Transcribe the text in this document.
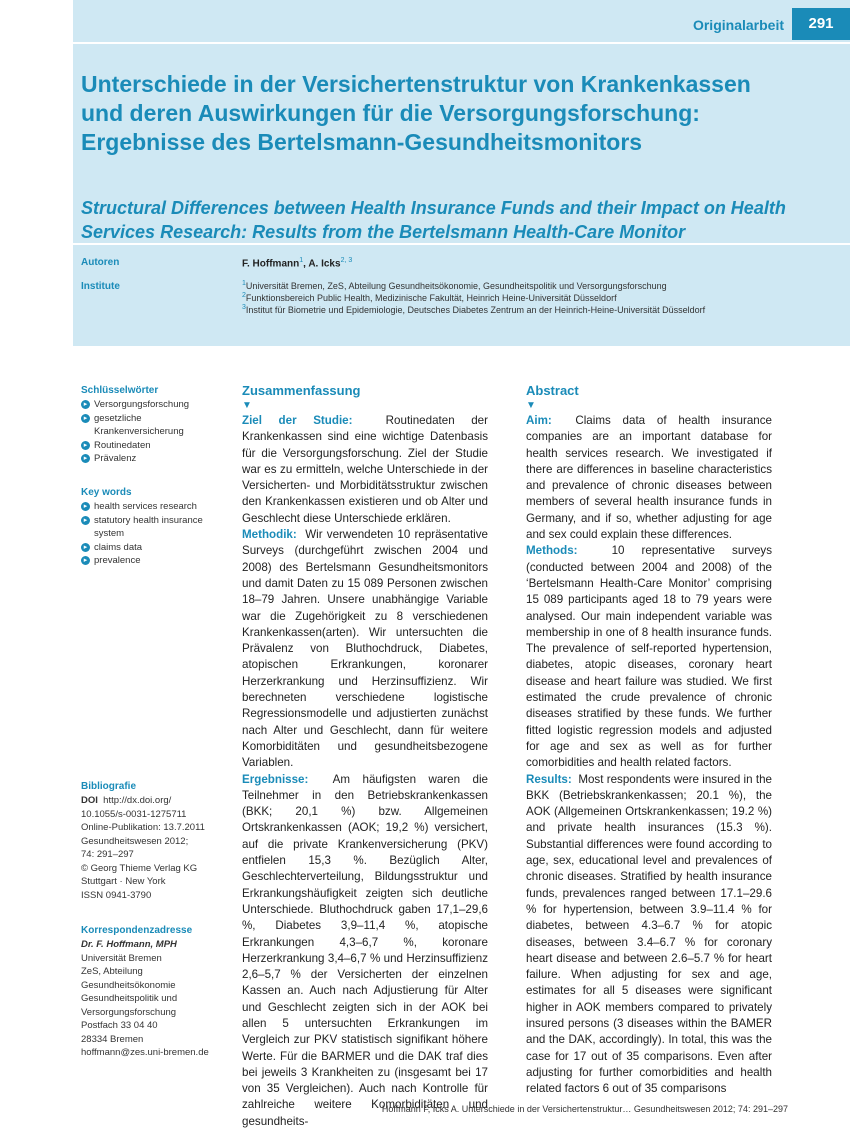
Originalarbeit	291
Unterschiede in der Versichertenstruktur von Krankenkassen und deren Auswirkungen für die Versorgungsforschung: Ergebnisse des Bertelsmann-Gesundheitsmonitors
Structural Differences between Health Insurance Funds and their Impact on Health Services Research: Results from the Bertelsmann Health-Care Monitor
Autoren	F. Hoffmann$^1$, A. Icks$^{2, 3}$
Institute	$^1$Universität Bremen, ZeS, Abteilung Gesundheitsökonomie, Gesundheitspolitik und Versorgungsforschung
$^2$Funktionsbereich Public Health, Medizinische Fakultät, Heinrich Heine-Universität Düsseldorf
$^3$Institut für Biometrie und Epidemiologie, Deutsches Diabetes Zentrum an der Heinrich-Heine-Universität Düsseldorf
Schlüsselwörter
▸ Versorgungsforschung
▸ gesetzliche Krankenversicherung
▸ Routinedaten
▸ Prävalenz
Key words
▸ health services research
▸ statutory health insurance system
▸ claims data
▸ prevalence
Bibliografie
DOI http://dx.doi.org/
10.1055/s-0031-1275711
Online-Publikation: 13.7.2011
Gesundheitswesen 2012;
74: 291–297
© Georg Thieme Verlag KG
Stuttgart · New York
ISSN 0941-3790
Korrespondenzadresse
Dr. F. Hoffmann, MPH
Universität Bremen
ZeS, Abteilung
Gesundheitsökonomie
Gesundheitspolitik und
Versorgungsforschung
Postfach 33 04 40
28334 Bremen
hoffmann@zes.uni-bremen.de
Zusammenfassung
▼

Ziel der Studie:	Routinedaten der Krankenkassen sind eine wichtige Datenbasis für die Versorgungsforschung. Ziel der Studie war es zu ermitteln, welche Unterschiede in der Versicherten- und Morbiditätsstruktur zwischen den Krankenkassen existieren und ob Alter und Geschlecht diese Unterschiede erklären.

Methodik: Wir verwendeten 10 repräsentative Surveys (durchgeführt zwischen 2004 und 2008) des Bertelsmann Gesundheitsmonitors und damit Daten zu 15 089 Personen zwischen 18–79 Jahren. Unsere unabhängige Variable war die Zugehörigkeit zu 8 verschiedenen Krankenkassen(arten). Wir untersuchten die Prävalenz von Bluthochdruck, Diabetes, atopischen Erkrankungen, koronarer Herzerkrankung und Herzinsuffizienz. Wir berechneten verschiedene logistische Regressionsmodelle und adjustierten zunächst nach Alter und Geschlecht, dann für weitere Komorbiditäten und gesundheitsbezogene Variablen.

Ergebnisse: Am häufigsten waren die Teilnehmer in den Betriebskrankenkassen (BKK; 20,1 %) bzw. Allgemeinen Ortskrankenkassen (AOK; 19,2 %) versichert, auf die private Krankenversicherung (PKV) entfielen 15,3 %. Bezüglich Alter, Geschlechterverteilung, Bildungsstruktur und Erkrankungshäufigkeit zeigten sich deutliche Unterschiede. Bluthochdruck gaben 17,1–29,6 %, Diabetes 3,9–11,4 %, atopische Erkrankungen 4,3–6,7 %, koronare Herzerkrankung 3,4–6,7 % und Herzinsuffizienz 2,6–5,7 % der Versicherten der einzelnen Kassen an. Auch nach Adjustierung für Alter und Geschlecht zeigten sich in der AOK bei allen 5 untersuchten Erkrankungen im Vergleich zur PKV statistisch signifikant höhere Werte. Für die BARMER und die DAK traf dies bei jeweils 3 Krankheiten zu (insgesamt bei 17 von 35 Vergleichen). Auch nach Kontrolle für zahlreiche weitere Komorbiditäten und gesundheits-

Abstract
▼

Aim: Claims data of health insurance companies are an important database for health services research. We investigated if there are differences in baseline characteristics and prevalence of chronic diseases between members of several health insurance funds in Germany, and if so, whether adjusting for age and sex could explain these differences.

Methods:	10 representative surveys (conducted between 2004 and 2008) of the ‘Bertelsmann Health-Care Monitor’ comprising 15 089 participants aged 18 to 79 years were analysed. Our main independent variable was membership in one of 8 health insurance funds. The prevalence of self-reported hypertension, diabetes, atopic diseases, coronary heart disease and heart failure was studied. We first estimated the crude prevalence of chronic diseases stratified by these funds. We further fitted logistic regression models and adjusted for age and sex as well as for further comorbidities and health related factors.

Results: Most respondents were insured in the BKK (Betriebskrankenkassen; 20.1 %), the AOK (Allgemeinen Ortskrankenkassen; 19.2 %) and private health insurances (15.3 %). Substantial differences were found according to age, sex, educational level and prevalences of chronic diseases. Stratified by health insurance funds, prevalences ranged between 17.1–29.6 % for hypertension, between 3.9–11.4 % for diabetes, between 4.3–6.7 % for atopic diseases, between 3.4–6.7 % for coronary heart disease and between 2.6–5.7 % for heart failure. When adjusting for sex and age, estimates for all 5 diseases were significant higher in AOK members compared to privately insured persons (3 diseases within the BAMER and the DAK, accordingly). In total, this was the case for 17 out of 35 comparisons. Even after adjusting for further comorbidities and health related factors 6 out of 35 comparisons

Hoffmann F, Icks A. Unterschiede in der Versichertenstruktur… Gesundheitswesen 2012; 74: 291–297
